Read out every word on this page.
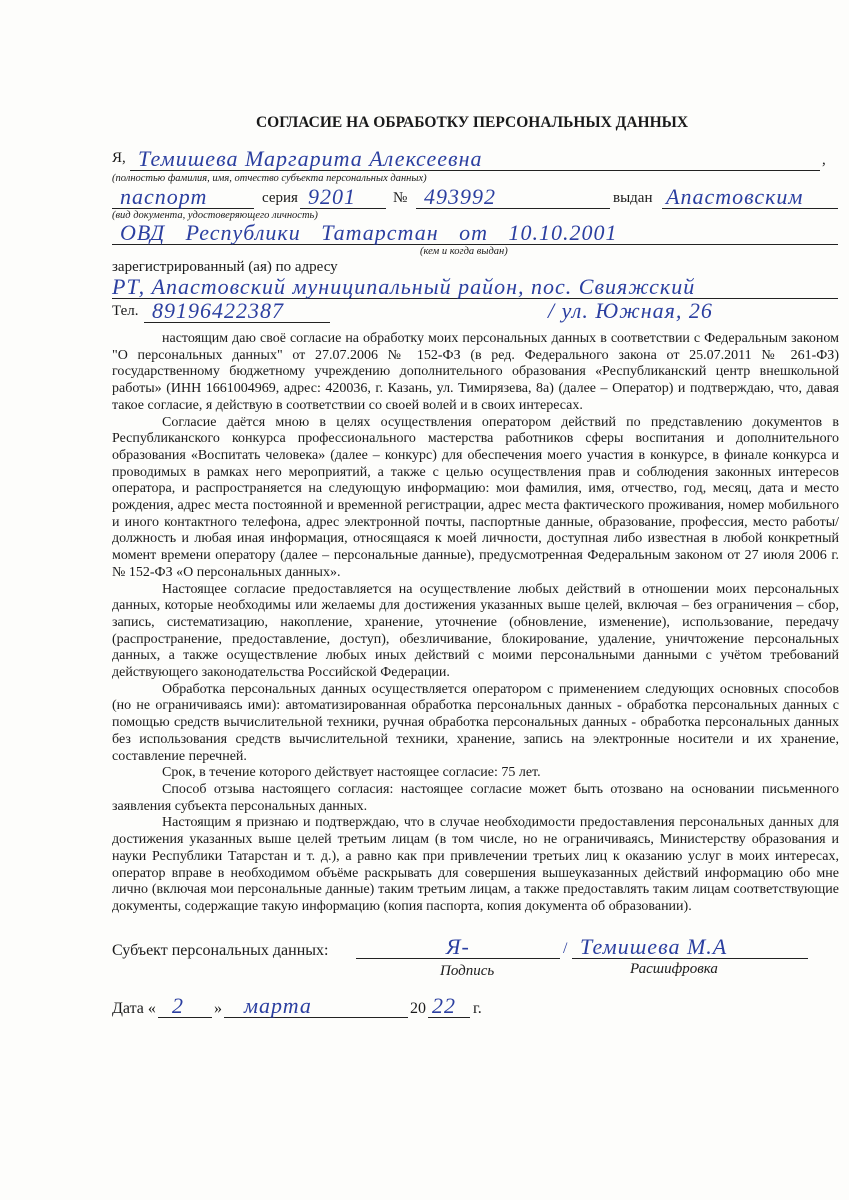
СОГЛАСИЕ НА ОБРАБОТКУ ПЕРСОНАЛЬНЫХ ДАННЫХ
Я, Темишева Маргарита Алексеевна	,
(полностью фамилия, имя, отчество субъекта персональных данных)
паспорт	серия 9201	№ 493992	выдан Апастовским
(вид документа, удостоверяющего личность)
ОВД Республики Татарстан от 10.10.2001
(кем и когда выдан)
зарегистрированный (ая) по адресу
РТ, Апастовский муниципальный район, пос. Свияжский
Тел. 89196422387	/ ул. Южная, 26

настоящим даю своё согласие на обработку моих персональных данных в соответствии с Федеральным законом "О персональных данных" от 27.07.2006 № 152-ФЗ (в ред. Федерального закона от 25.07.2011 № 261-ФЗ) государственному бюджетному учреждению дополнительного образования «Республиканский центр внешкольной работы» (ИНН 1661004969, адрес: 420036, г. Казань, ул. Тимирязева, 8а) (далее – Оператор) и подтверждаю, что, давая такое согласие, я действую в соответствии со своей волей и в своих интересах.

Согласие даётся мною в целях осуществления оператором действий по представлению документов в Республиканского конкурса профессионального мастерства работников сферы воспитания и дополнительного образования «Воспитать человека» (далее – конкурс) для обеспечения моего участия в конкурсе, в финале конкурса и проводимых в рамках него мероприятий, а также с целью осуществления прав и соблюдения законных интересов оператора, и распространяется на следующую информацию: мои фамилия, имя, отчество, год, месяц, дата и место рождения, адрес места постоянной и временной регистрации, адрес места фактического проживания, номер мобильного и иного контактного телефона, адрес электронной почты, паспортные данные, образование, профессия, место работы/должность и любая иная информация, относящаяся к моей личности, доступная либо известная в любой конкретный момент времени оператору (далее – персональные данные), предусмотренная Федеральным законом от 27 июля 2006 г. № 152-ФЗ «О персональных данных».

Настоящее согласие предоставляется на осуществление любых действий в отношении моих персональных данных, которые необходимы или желаемы для достижения указанных выше целей, включая – без ограничения – сбор, запись, систематизацию, накопление, хранение, уточнение (обновление, изменение), использование, передачу (распространение, предоставление, доступ), обезличивание, блокирование, удаление, уничтожение персональных данных, а также осуществление любых иных действий с моими персональными данными с учётом требований действующего законодательства Российской Федерации.

Обработка персональных данных осуществляется оператором с применением следующих основных способов (но не ограничиваясь ими): автоматизированная обработка персональных данных - обработка персональных данных с помощью средств вычислительной техники, ручная обработка персональных данных - обработка персональных данных без использования средств вычислительной техники, хранение, запись на электронные носители и их хранение, составление перечней.

Срок, в течение которого действует настоящее согласие: 75 лет.

Способ отзыва настоящего согласия: настоящее согласие может быть отозвано на основании письменного заявления субъекта персональных данных.

Настоящим я признаю и подтверждаю, что в случае необходимости предоставления персональных данных для достижения указанных выше целей третьим лицам (в том числе, но не ограничиваясь, Министерству образования и науки Республики Татарстан и т. д.), а равно как при привлечении третьих лиц к оказанию услуг в моих интересах, оператор вправе в необходимом объёме раскрывать для совершения вышеуказанных действий информацию обо мне лично (включая мои персональные данные) таким третьим лицам, а также предоставлять таким лицам соответствующие документы, содержащие такую информацию (копия паспорта, копия документа об образовании).

Субъект персональных данных:	Я-	/ Темишева М.А
Подпись	Расшифровка
Дата « 2	»	марта	20 22	г.
